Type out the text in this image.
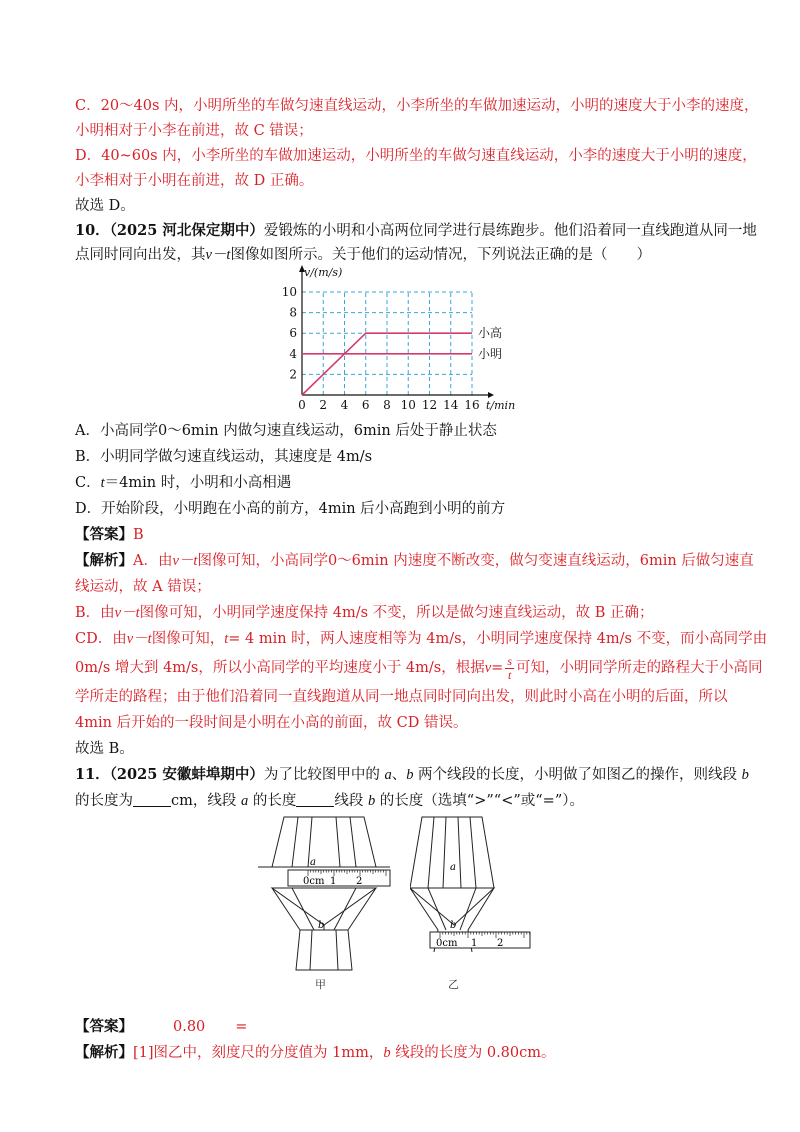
C．20～40s 内，小明所坐的车做匀速直线运动，小李所坐的车做加速运动，小明的速度大于小李的速度，
小明相对于小李在前进，故 C 错误；
D．40~60s 内，小李所坐的车做加速运动，小明所坐的车做匀速直线运动，小李的速度大于小明的速度，
小李相对于小明在前进，故 D 正确。
故选 D。
10．（2025 河北保定期中）爱锻炼的小明和小高两位同学进行晨练跑步。他们沿着同一直线跑道从同一地
点同时同向出发，其v－t图像如图所示。关于他们的运动情况，下列说法正确的是（　　）
0 2 4 6 8 10 12 14 16
2
4
6
8
10
小高
小明
v/(m/s)
t/min
A．小高同学0～6min 内做匀速直线运动，6min 后处于静止状态
B．小明同学做匀速直线运动，其速度是 4m/s
C．t＝4min 时，小明和小高相遇
D．开始阶段，小明跑在小高的前方，4min 后小高跑到小明的前方
【答案】B
【解析】A．由v－t图像可知，小高同学0～6min 内速度不断改变，做匀变速直线运动，6min 后做匀速直
线运动，故 A 错误；
B．由v－t图像可知，小明同学速度保持 4m/s 不变，所以是做匀速直线运动，故 B 正确；
CD．由v－t图像可知，t= 4 min 时，两人速度相等为 4m/s，小明同学速度保持 4m/s 不变，而小高同学由
0m/s 增大到 4m/s，所以小高同学的平均速度小于 4m/s，根据$v= \frac{s}{t}$ 可知，小明同学所走的路程大于小高同
学所走的路程；由于他们沿着同一直线跑道从同一地点同时同向出发，则此时小高在小明的后面，所以
4min 后开始的一段时间是小明在小高的前面，故 CD 错误。
故选 B。
11．（2025 安徽蚌埠期中）为了比较图甲中的 a、b 两个线段的长度，小明做了如图乙的操作，则线段 b
的长度为	cm，线段 a 的长度	线段 b 的长度（选填“>”“<”或“=”）。
0cm 1 2
a
b
甲
0cm 1 2
a
b
乙
【答案】	0.80 =
【解析】[1]图乙中，刻度尺的分度值为 1mm，b 线段的长度为 0.80cm。
